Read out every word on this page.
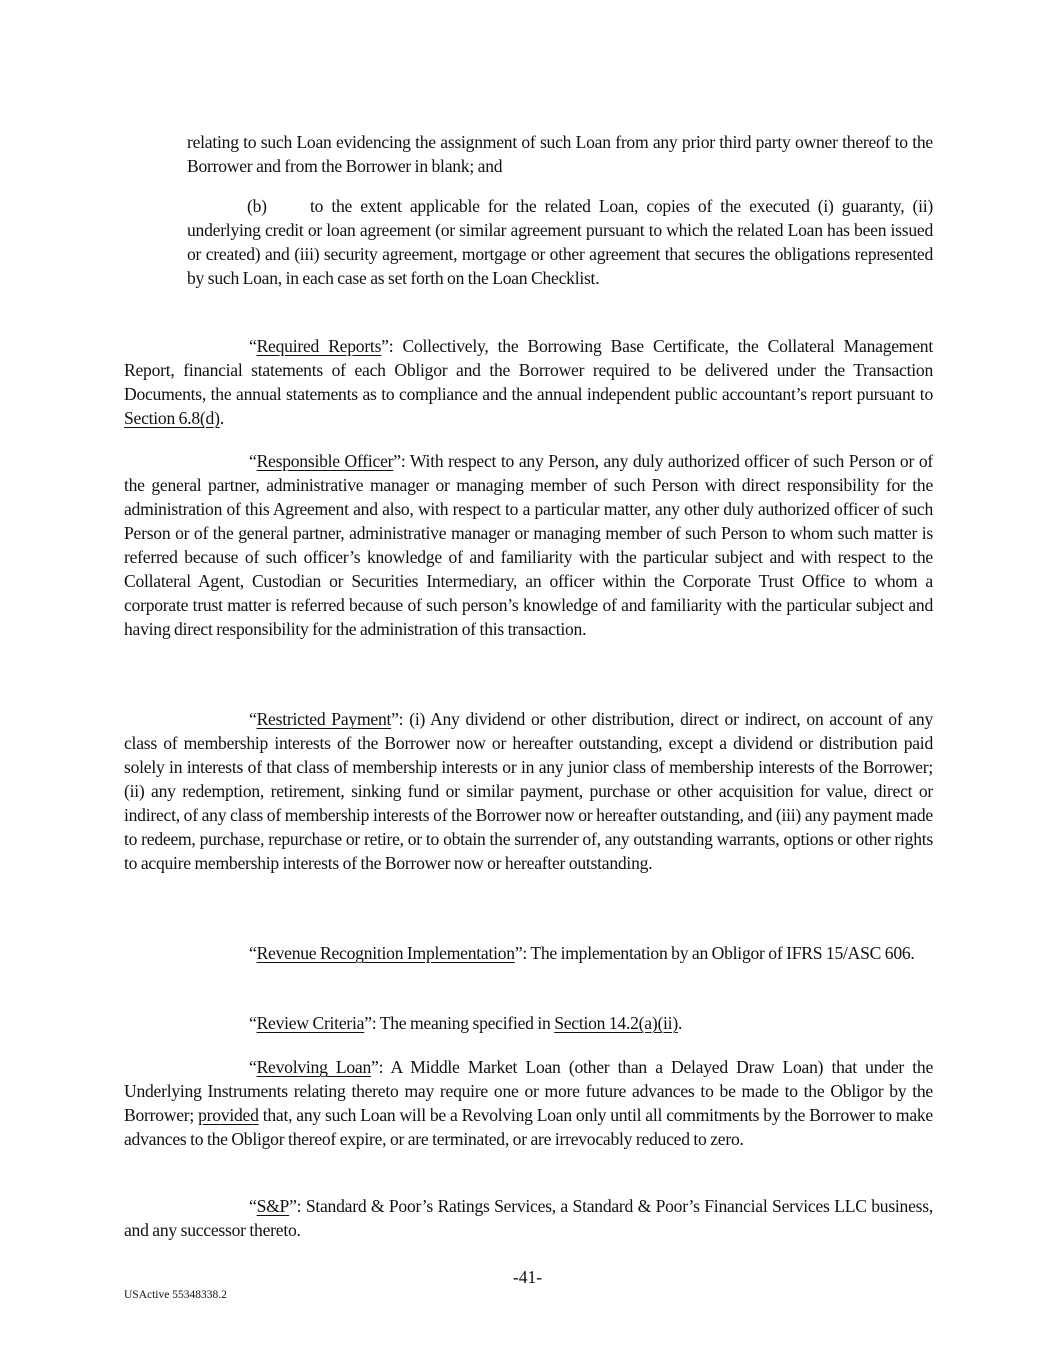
relating to such Loan evidencing the assignment of such Loan from any prior third party owner thereof to the Borrower and from the Borrower in blank; and

(b) to the extent applicable for the related Loan, copies of the executed (i) guaranty, (ii) underlying credit or loan agreement (or similar agreement pursuant to which the related Loan has been issued or created) and (iii) security agreement, mortgage or other agreement that secures the obligations represented by such Loan, in each case as set forth on the Loan Checklist.

“Required Reports”: Collectively, the Borrowing Base Certificate, the Collateral Management Report, financial statements of each Obligor and the Borrower required to be delivered under the Transaction Documents, the annual statements as to compliance and the annual independent public accountant’s report pursuant to Section 6.8(d).

“Responsible Officer”: With respect to any Person, any duly authorized officer of such Person or of the general partner, administrative manager or managing member of such Person with direct responsibility for the administration of this Agreement and also, with respect to a particular matter, any other duly authorized officer of such Person or of the general partner, administrative manager or managing member of such Person to whom such matter is referred because of such officer’s knowledge of and familiarity with the particular subject and with respect to the Collateral Agent, Custodian or Securities Intermediary, an officer within the Corporate Trust Office to whom a corporate trust matter is referred because of such person’s knowledge of and familiarity with the particular subject and having direct responsibility for the administration of this transaction.

“Restricted Payment”: (i) Any dividend or other distribution, direct or indirect, on account of any class of membership interests of the Borrower now or hereafter outstanding, except a dividend or distribution paid solely in interests of that class of membership interests or in any junior class of membership interests of the Borrower; (ii) any redemption, retirement, sinking fund or similar payment, purchase or other acquisition for value, direct or indirect, of any class of membership interests of the Borrower now or hereafter outstanding, and (iii) any payment made to redeem, purchase, repurchase or retire, or to obtain the surrender of, any outstanding warrants, options or other rights to acquire membership interests of the Borrower now or hereafter outstanding.

“Revenue Recognition Implementation”: The implementation by an Obligor of IFRS 15/ASC 606.

“Review Criteria”: The meaning specified in Section 14.2(a)(ii).

“Revolving Loan”: A Middle Market Loan (other than a Delayed Draw Loan) that under the Underlying Instruments relating thereto may require one or more future advances to be made to the Obligor by the Borrower; provided that, any such Loan will be a Revolving Loan only until all commitments by the Borrower to make advances to the Obligor thereof expire, or are terminated, or are irrevocably reduced to zero.

“S&P”: Standard & Poor’s Ratings Services, a Standard & Poor’s Financial Services LLC business, and any successor thereto.

-41-
USActive 55348338.2
